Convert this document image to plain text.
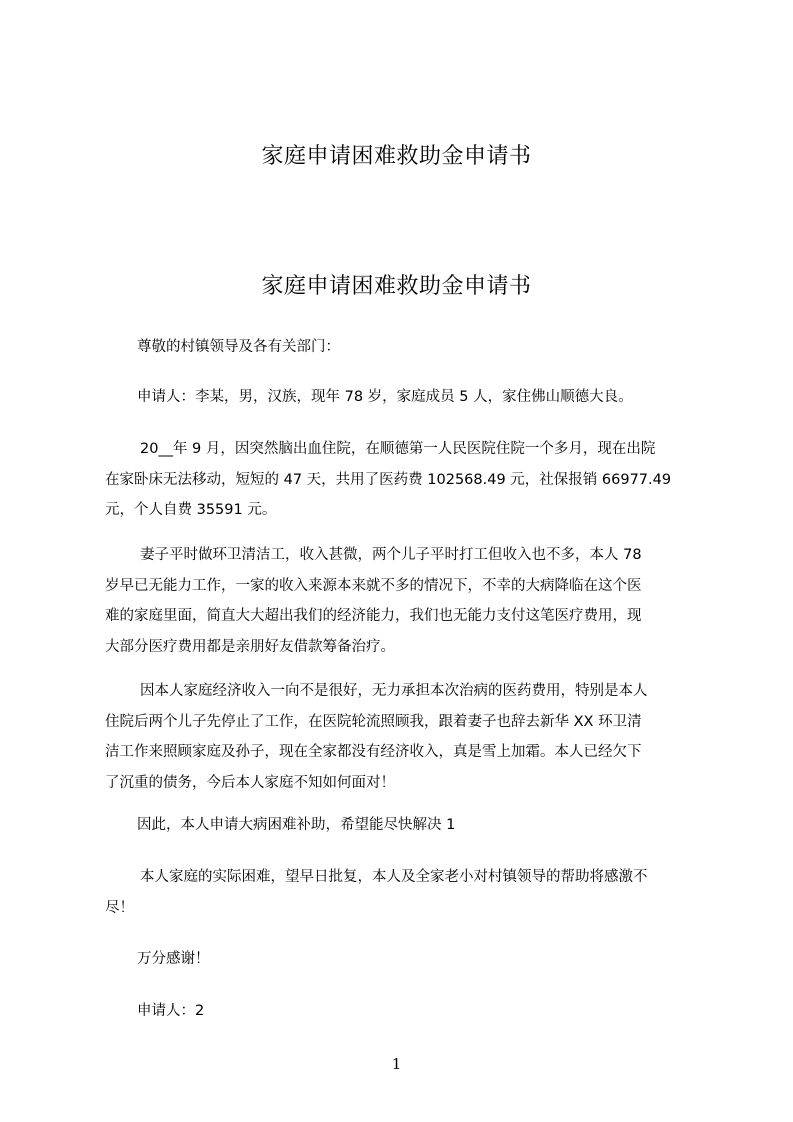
家庭申请困难救助金申请书
家庭申请困难救助金申请书
尊敬的村镇领导及各有关部门：
申请人：李某，男，汉族，现年 78 岁，家庭成员 5 人，家住佛山顺德大良。
20__年 9 月，因突然脑出血住院，在顺德第一人民医院住院一个多月，现在出院
在家卧床无法移动，短短的 47 天，共用了医药费 102568.49 元，社保报销 66977.49
元，个人自费 35591 元。
妻子平时做环卫清洁工，收入甚微，两个儿子平时打工但收入也不多，本人 78
岁早已无能力工作，一家的收入来源本来就不多的情况下，不幸的大病降临在这个医
难的家庭里面，简直大大超出我们的经济能力，我们也无能力支付这笔医疗费用，现
大部分医疗费用都是亲朋好友借款筹备治疗。
因本人家庭经济收入一向不是很好，无力承担本次治病的医药费用，特别是本人
住院后两个儿子先停止了工作，在医院轮流照顾我，跟着妻子也辞去新华 XX 环卫清
洁工作来照顾家庭及孙子，现在全家都没有经济收入，真是雪上加霜。本人已经欠下
了沉重的债务，今后本人家庭不知如何面对！
因此，本人申请大病困难补助，希望能尽快解决 1
本人家庭的实际困难，望早日批复，本人及全家老小对村镇领导的帮助将感激不
尽！
万分感谢！
申请人：2
1
